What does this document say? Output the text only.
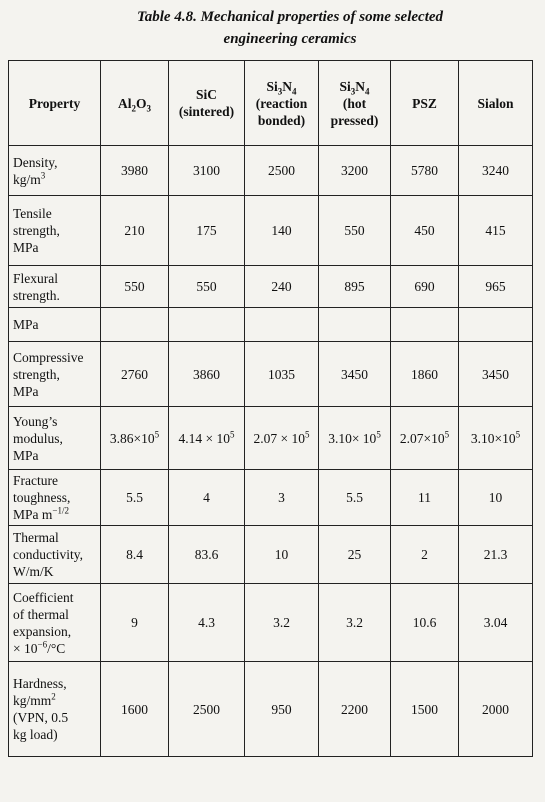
Table 4.8. Mechanical properties of some selected
engineering ceramics
Property	$Al_2O_3$	SiC
(sintered)	$Si_3N_4$
(reaction
bonded)	$Si_3N_4$
(hot
pressed)	PSZ	Sialon
Density,
$kg/m^3$	3980	3100	2500	3200	5780	3240
Tensile
strength,
MPa	210	175	140	550	450	415
Flexural
strength.	550	550	240	895	690	965
MPa						
Compressive
strength,
MPa	2760	3860	1035	3450	1860	3450
Young’s
modulus,
MPa	$3.86\times 10^5$	$4.14 \times 10^5$	$2.07 \times 10^5$	$3.10\times 10^5$	$2.07\times 10^5$	$3.10\times 10^5$
Fracture
toughness,
MPa $m^{-1/2}$	5.5	4	3	5.5	11	10
Thermal
conductivity,
W/m/K	8.4	83.6	10	25	2	21.3
Coefficient
of thermal
expansion,
× $10^{-6}/^\circ C$	9	4.3	3.2	3.2	10.6	3.04
Hardness,
$kg/mm^2$
(VPN, 0.5
kg load)	1600	2500	950	2200	1500	2000
